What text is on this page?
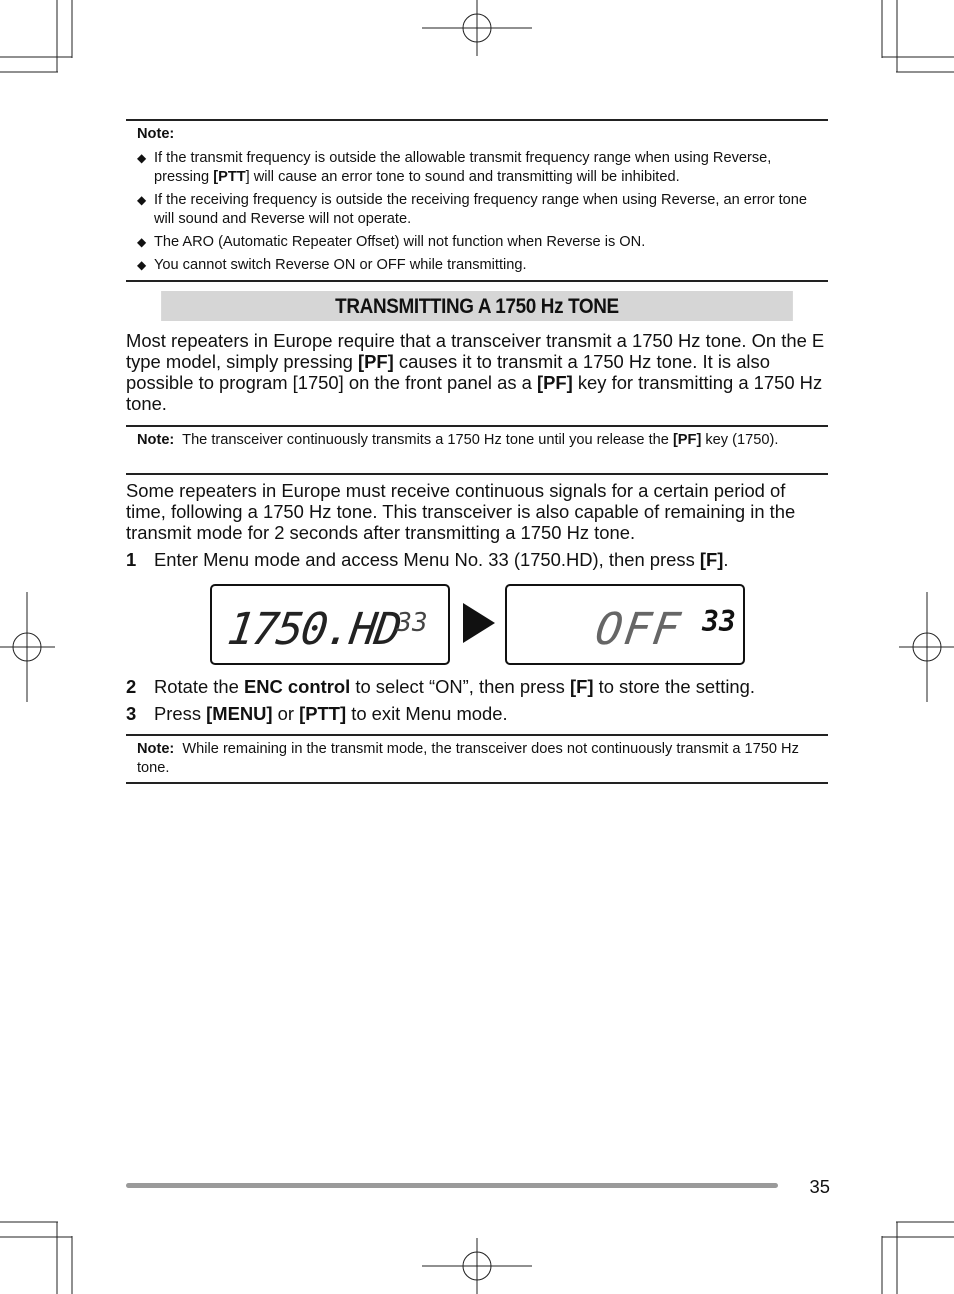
Note:
◆ If the transmit frequency is outside the allowable transmit frequency range when using Reverse, pressing [PTT] will cause an error tone to sound and transmitting will be inhibited.
◆ If the receiving frequency is outside the receiving frequency range when using Reverse, an error tone will sound and Reverse will not operate.
◆ The ARO (Automatic Repeater Offset) will not function when Reverse is ON.
◆ You cannot switch Reverse ON or OFF while transmitting.
TRANSMITTING A 1750 Hz TONE
Most repeaters in Europe require that a transceiver transmit a 1750 Hz tone. On the E type model, simply pressing [PF] causes it to transmit a 1750 Hz tone. It is also possible to program [1750] on the front panel as a [PF] key for transmitting a 1750 Hz tone.
Note: The transceiver continuously transmits a 1750 Hz tone until you release the [PF] key (1750).
Some repeaters in Europe must receive continuous signals for a certain period of time, following a 1750 Hz tone. This transceiver is also capable of remaining in the transmit mode for 2 seconds after transmitting a 1750 Hz tone.
1 Enter Menu mode and access Menu No. 33 (1750.HD), then press [F].
1750.HD
33	OFF 33
2 Rotate the ENC control to select “ON”, then press [F] to store the setting.
3 Press [MENU] or [PTT] to exit Menu mode.
Note: While remaining in the transmit mode, the transceiver does not continuously transmit a 1750 Hz tone.
35
